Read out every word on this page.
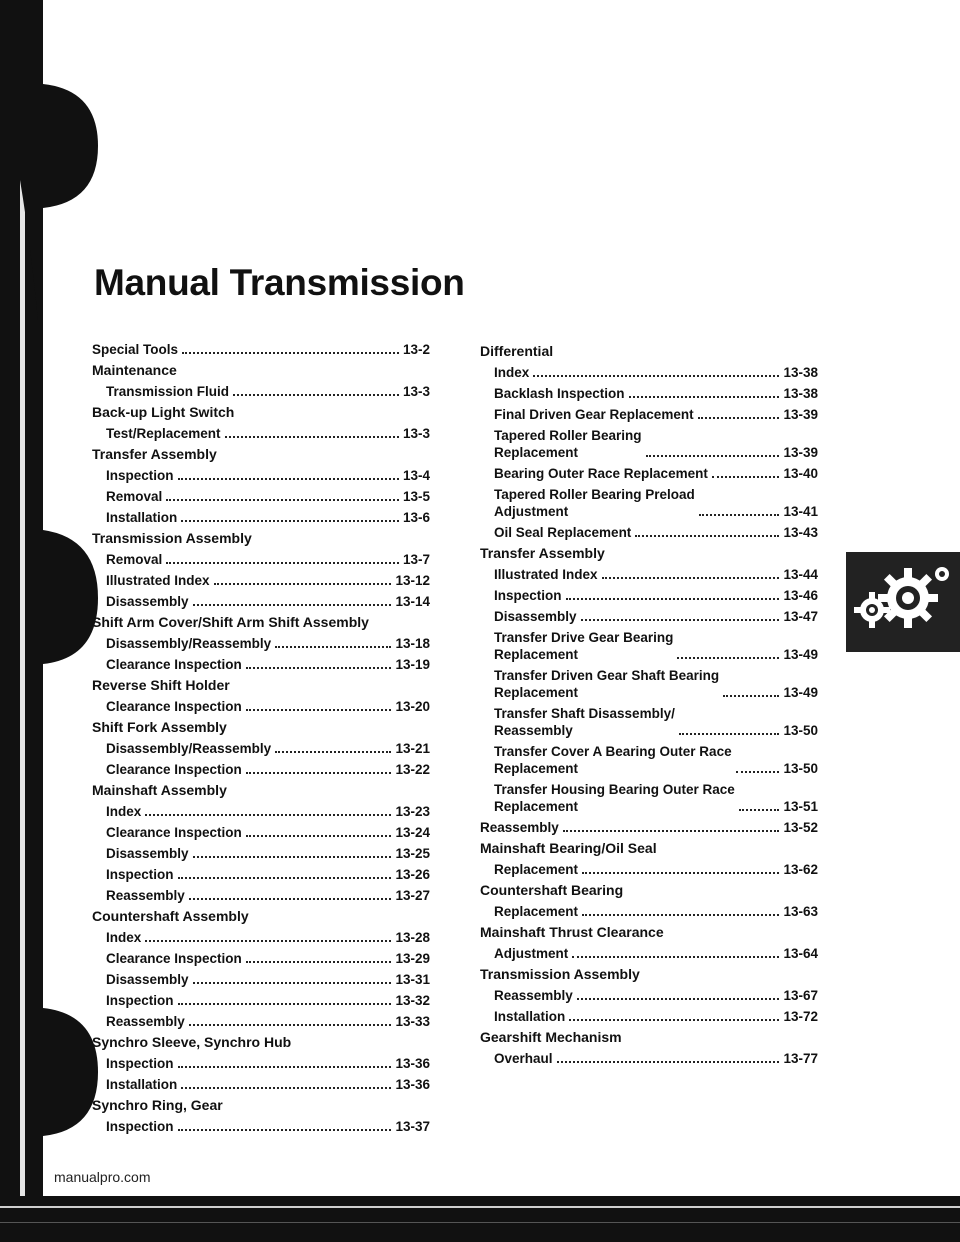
Manual Transmission
Special Tools	13-2
Maintenance
Transmission Fluid	13-3
Back-up Light Switch
Test/Replacement	13-3
Transfer Assembly
Inspection	13-4
Removal	13-5
Installation	13-6
Transmission Assembly
Removal	13-7
Illustrated Index	13-12
Disassembly	13-14
Shift Arm Cover/Shift Arm Shift Assembly
Disassembly/Reassembly	13-18
Clearance Inspection	13-19
Reverse Shift Holder
Clearance Inspection	13-20
Shift Fork Assembly
Disassembly/Reassembly	13-21
Clearance Inspection	13-22
Mainshaft Assembly
Index	13-23
Clearance Inspection	13-24
Disassembly	13-25
Inspection	13-26
Reassembly	13-27
Countershaft Assembly
Index	13-28
Clearance Inspection	13-29
Disassembly	13-31
Inspection	13-32
Reassembly	13-33
Synchro Sleeve, Synchro Hub
Inspection	13-36
Installation	13-36
Synchro Ring, Gear
Inspection	13-37
Differential
Index	13-38
Backlash Inspection	13-38
Final Driven Gear Replacement	13-39
Tapered Roller Bearing
Replacement	13-39
Bearing Outer Race Replacement	13-40
Tapered Roller Bearing Preload
Adjustment	13-41
Oil Seal Replacement	13-43
Transfer Assembly
Illustrated Index	13-44
Inspection	13-46
Disassembly	13-47
Transfer Drive Gear Bearing
Replacement	13-49
Transfer Driven Gear Shaft Bearing
Replacement	13-49
Transfer Shaft Disassembly/
Reassembly	13-50
Transfer Cover A Bearing Outer Race
Replacement	13-50
Transfer Housing Bearing Outer Race
Replacement	13-51
Reassembly	13-52
Mainshaft Bearing/Oil Seal
Replacement	13-62
Countershaft Bearing
Replacement	13-63
Mainshaft Thrust Clearance
Adjustment	13-64
Transmission Assembly
Reassembly	13-67
Installation	13-72
Gearshift Mechanism
Overhaul	13-77
manualpro.com
